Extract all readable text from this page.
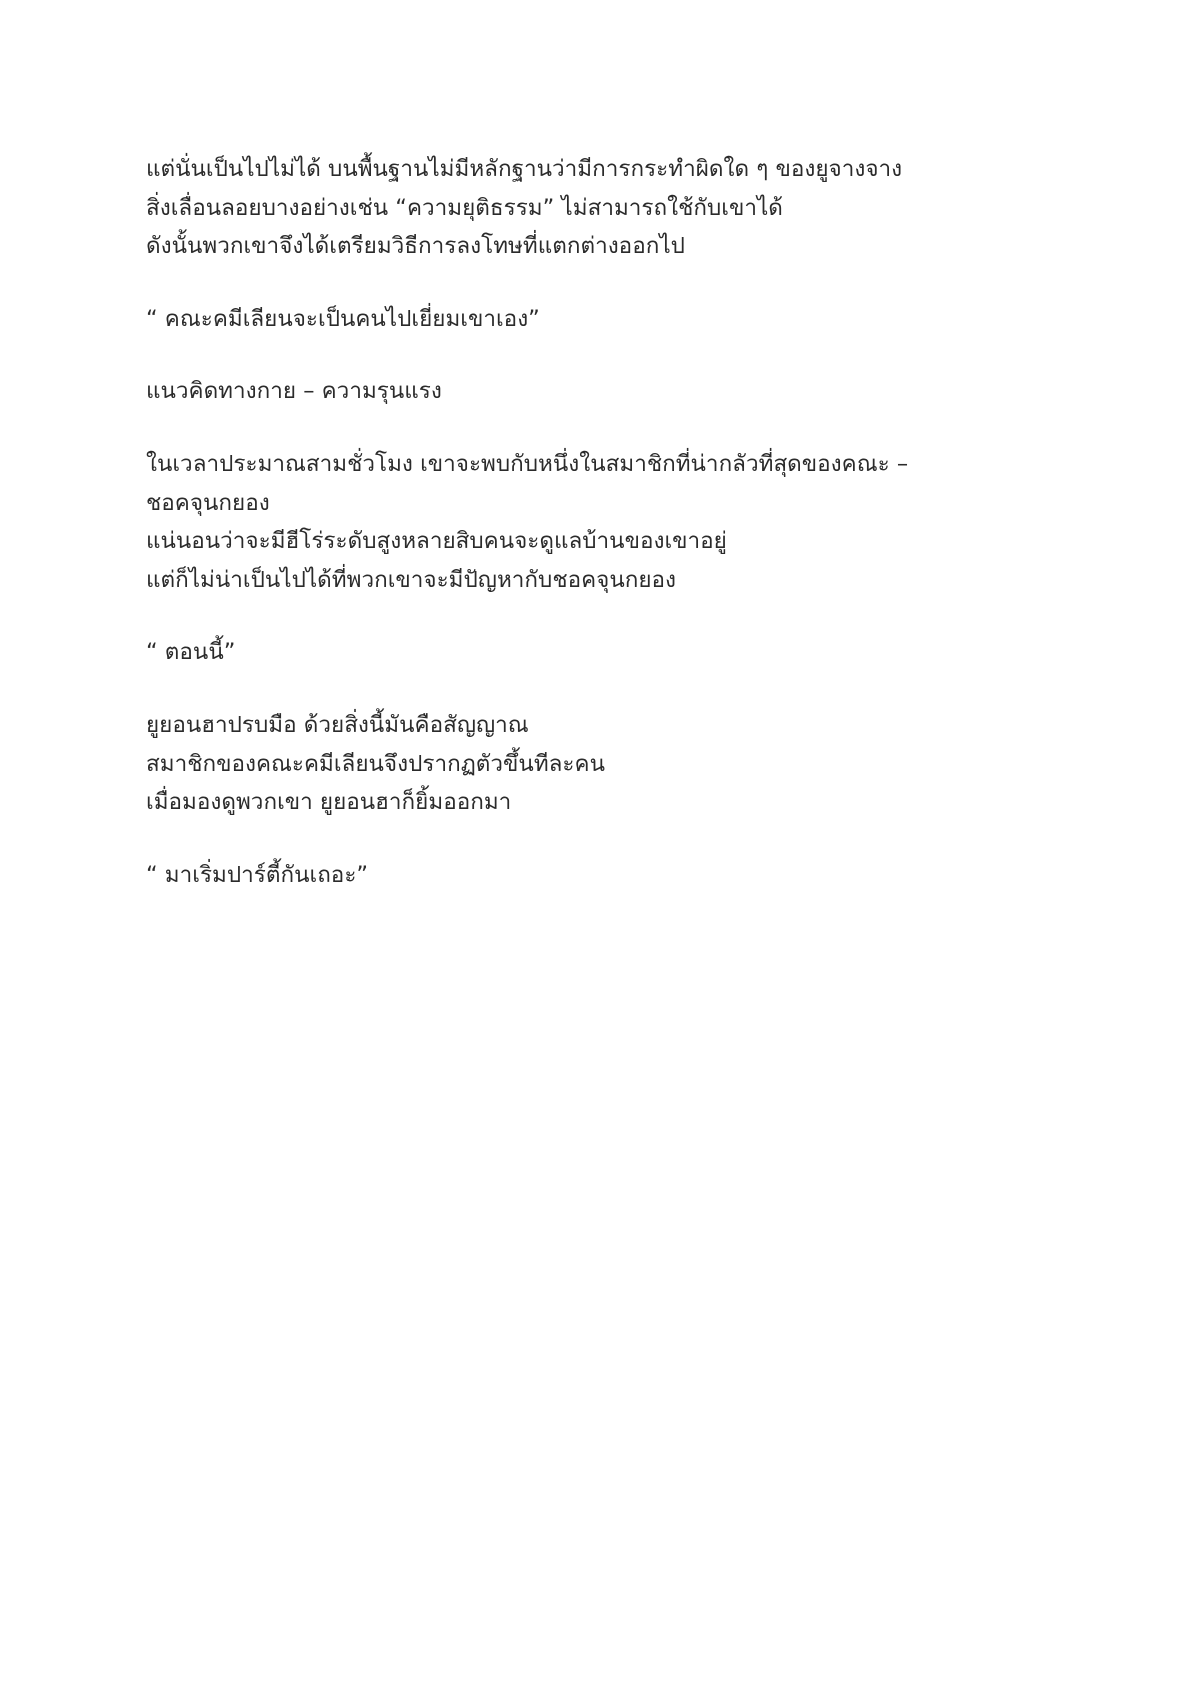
แต่นั่นเป็นไปไม่ได้ บนพื้นฐานไม่มีหลักฐานว่ามีการกระทำผิดใด ๆ ของยูจางจาง
สิ่งเลื่อนลอยบางอย่างเช่น “ความยุติธรรม” ไม่สามารถใช้กับเขาได้
ดังนั้นพวกเขาจึงได้เตรียมวิธีการลงโทษที่แตกต่างออกไป

“ คณะคมีเลียนจะเป็นคนไปเยี่ยมเขาเอง”

แนวคิดทางกาย – ความรุนแรง

ในเวลาประมาณสามชั่วโมง เขาจะพบกับหนึ่งในสมาชิกที่น่ากลัวที่สุดของคณะ –
ชอคจุนกยอง
แน่นอนว่าจะมีฮีโร่ระดับสูงหลายสิบคนจะดูแลบ้านของเขาอยู่
แต่ก็ไม่น่าเป็นไปได้ที่พวกเขาจะมีปัญหากับชอคจุนกยอง

“ ตอนนี้”

ยูยอนฮาปรบมือ ด้วยสิ่งนี้มันคือสัญญาณ
สมาชิกของคณะคมีเลียนจึงปรากฏตัวขึ้นทีละคน
เมื่อมองดูพวกเขา ยูยอนฮาก็ยิ้มออกมา

“ มาเริ่มปาร์ตี้กันเถอะ”
